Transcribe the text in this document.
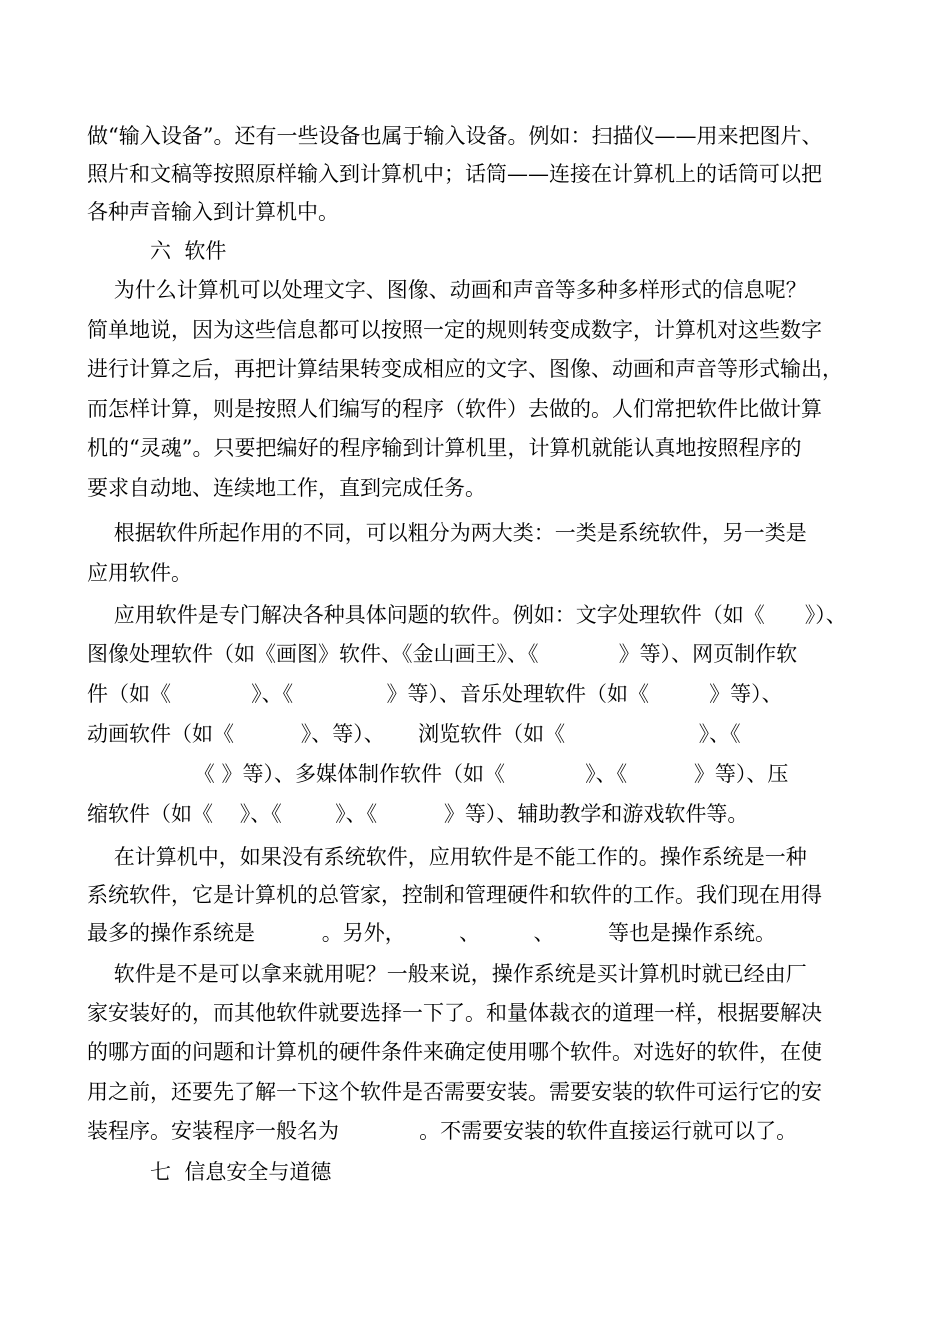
做“输入设备”。还有一些设备也属于输入设备。例如：扫描仪——用来把图片、
照片和文稿等按照原样输入到计算机中；话筒——连接在计算机上的话筒可以把
各种声音输入到计算机中。
六  软件
为什么计算机可以处理文字、图像、动画和声音等多种多样形式的信息呢？
简单地说，因为这些信息都可以按照一定的规则转变成数字，计算机对这些数字
进行计算之后，再把计算结果转变成相应的文字、图像、动画和声音等形式输出，
而怎样计算，则是按照人们编写的程序（软件）去做的。人们常把软件比做计算
机的“灵魂”。只要把编好的程序输到计算机里，计算机就能认真地按照程序的
要求自动地、连续地工作，直到完成任务。
根据软件所起作用的不同，可以粗分为两大类：一类是系统软件，另一类是
应用软件。
应用软件是专门解决各种具体问题的软件。例如：文字处理软件（如《      》）、
图像处理软件（如《画图》软件、《金山画王》、《            》等）、网页制作软
件（如《            》、《              》等）、音乐处理软件（如《         》等）、
动画软件（如《          》、等）、     浏览软件（如《                    》、《
《 》等）、多媒体制作软件（如《            》、《          》等）、压
缩软件（如《    》、《        》、《          》等）、辅助教学和游戏软件等。
在计算机中，如果没有系统软件，应用软件是不能工作的。操作系统是一种
系统软件，它是计算机的总管家，控制和管理硬件和软件的工作。我们现在用得
最多的操作系统是          。另外，        、        、        等也是操作系统。
软件是不是可以拿来就用呢？一般来说，操作系统是买计算机时就已经由厂
家安装好的，而其他软件就要选择一下了。和量体裁衣的道理一样，根据要解决
的哪方面的问题和计算机的硬件条件来确定使用哪个软件。对选好的软件，在使
用之前，还要先了解一下这个软件是否需要安装。需要安装的软件可运行它的安
装程序。安装程序一般名为            。不需要安装的软件直接运行就可以了。
七  信息安全与道德
